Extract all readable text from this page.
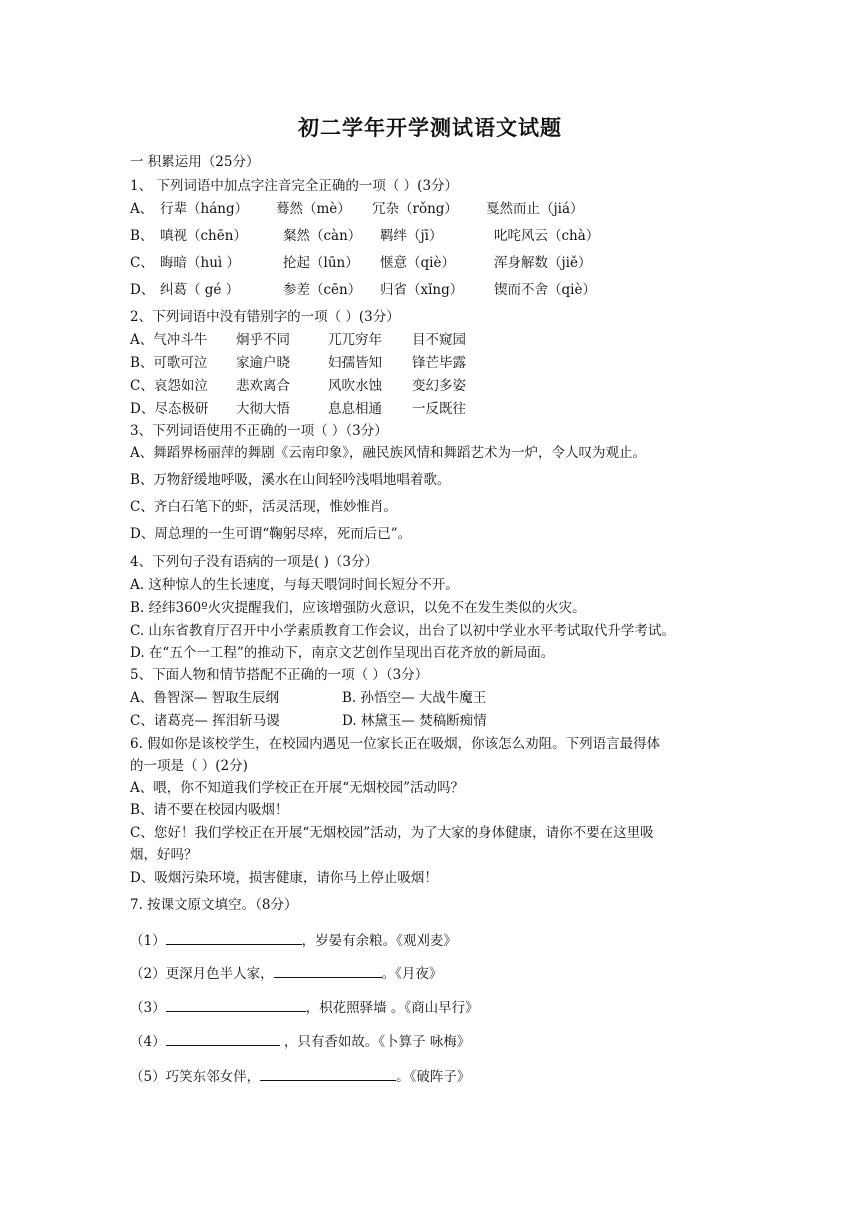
初二学年开学测试语文试题
一 积累运用（25分）
1、 下列词语中加点字注音完全正确的一项（ ）(3分）
A、 行辈（háng） 蓦然（mè） 冗杂（rǒng） 戛然而止（jiá）
B、 嗔视（chēn）	粲然（càn） 羁绊（jī）	叱咤风云（chà）
C、 晦暗（huì ）	抡起（lūn） 惬意（qiè）	浑身解数（jiě）
D、 纠葛（ gé ）	参差（cēn） 归省（xǐng） 锲而不舍（qiè）
2、下列词语中没有错别字的一项（ ）(3分）
A、气冲斗牛 炯乎不同	兀兀穷年 目不窥园
B、可歌可泣 家逾户晓	妇孺皆知 锋芒毕露
C、哀怨如泣 悲欢离合	风吹水蚀 变幻多姿
D、尽态极研 大彻大悟	息息相通 一反既往
3、下列词语使用不正确的一项（ ）（3分）
A、舞蹈界杨丽萍的舞剧《云南印象》，融民族风情和舞蹈艺术为一炉，令人叹为观止。
B、万物舒缓地呼吸，溪水在山间轻吟浅唱地唱着歌。
C、齐白石笔下的虾，活灵活现，惟妙惟肖。
D、周总理的一生可谓“鞠躬尽瘁，死而后已”。
4、下列句子没有语病的一项是( )（3分）
A. 这种惊人的生长速度，与每天喂饲时间长短分不开。
B. 经纬360º火灾提醒我们，应该增强防火意识，以免不在发生类似的火灾。
C. 山东省教育厅召开中小学素质教育工作会议，出台了以初中学业水平考试取代升学考试。
D. 在“五个一工程”的推动下，南京文艺创作呈现出百花齐放的新局面。
5、下面人物和情节搭配不正确的一项（ ）（3分）
A、鲁智深— 智取生辰纲	B. 孙悟空— 大战牛魔王
C、诸葛亮— 挥泪斩马谡	D. 林黛玉— 焚稿断痴情
6. 假如你是该校学生，在校园内遇见一位家长正在吸烟，你该怎么劝阻。下列语言最得体
的一项是（ ）(2分)
A、喂，你不知道我们学校正在开展“无烟校园”活动吗？
B、请不要在校园内吸烟！
C、您好！我们学校正在开展“无烟校园”活动，为了大家的身体健康，请你不要在这里吸
烟，好吗？
D、吸烟污染环境，损害健康，请你马上停止吸烟！
7. 按课文原文填空。（8分）
（1）	，岁晏有余粮。《观刈麦》
（2）更深月色半人家，	。《月夜》
（3）	，枳花照驿墙 。《商山早行》
（4）	，只有香如故。《卜算子 咏梅》
（5）巧笑东邻女伴，	。《破阵子》
